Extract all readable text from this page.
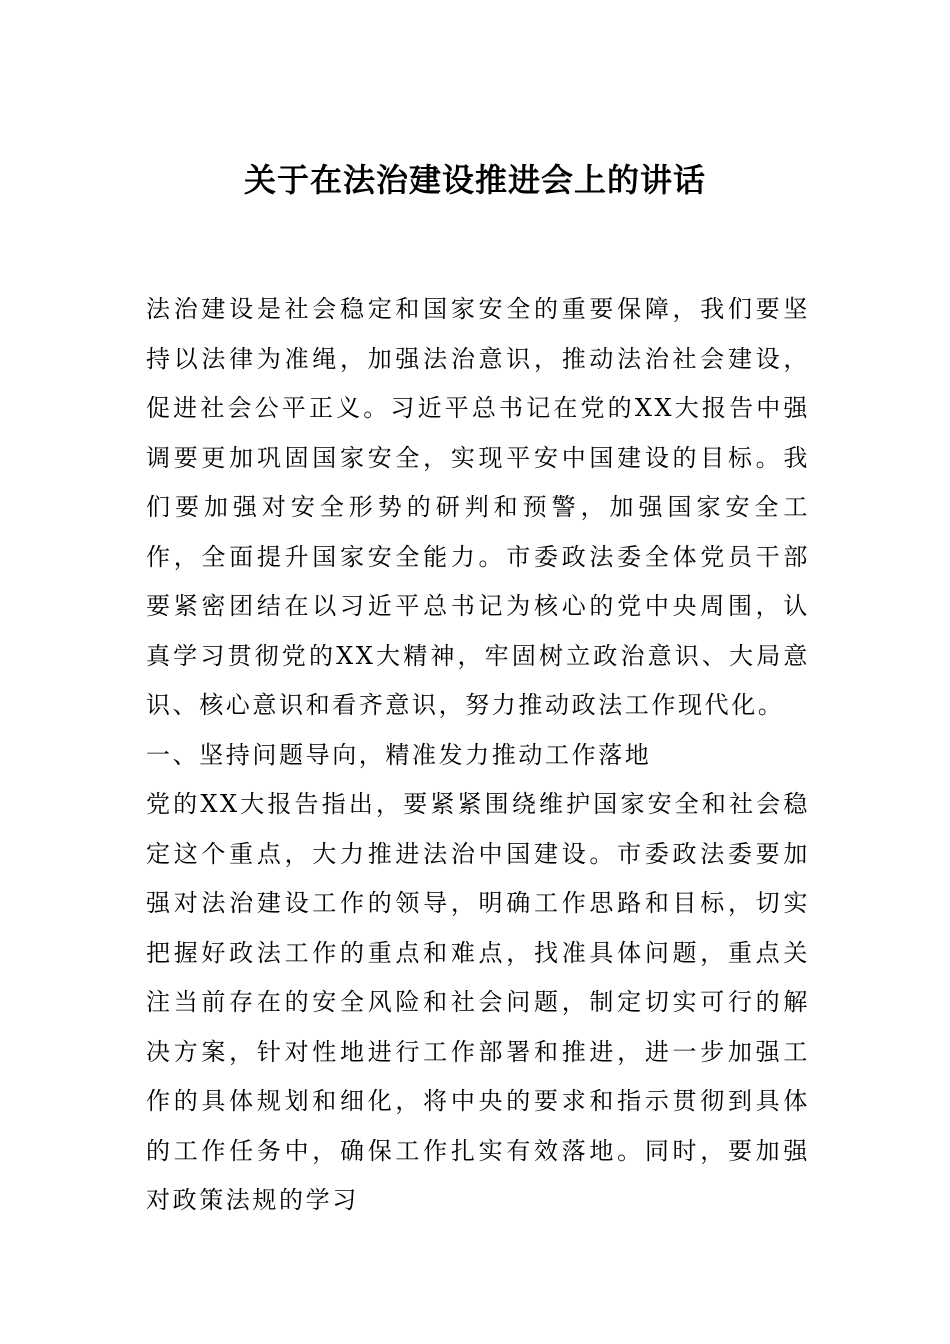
关于在法治建设推进会上的讲话

法治建设是社会稳定和国家安全的重要保障，我们要坚持以法律为准绳，加强法治意识，推动法治社会建设，促进社会公平正义。习近平总书记在党的XX大报告中强调要更加巩固国家安全，实现平安中国建设的目标。我们要加强对安全形势的研判和预警，加强国家安全工作，全面提升国家安全能力。市委政法委全体党员干部要紧密团结在以习近平总书记为核心的党中央周围，认真学习贯彻党的XX大精神，牢固树立政治意识、大局意识、核心意识和看齐意识，努力推动政法工作现代化。

一、坚持问题导向，精准发力推动工作落地

党的XX大报告指出，要紧紧围绕维护国家安全和社会稳定这个重点，大力推进法治中国建设。市委政法委要加强对法治建设工作的领导，明确工作思路和目标，切实把握好政法工作的重点和难点，找准具体问题，重点关注当前存在的安全风险和社会问题，制定切实可行的解决方案，针对性地进行工作部署和推进，进一步加强工作的具体规划和细化，将中央的要求和指示贯彻到具体的工作任务中，确保工作扎实有效落地。同时，要加强对政策法规的学习
